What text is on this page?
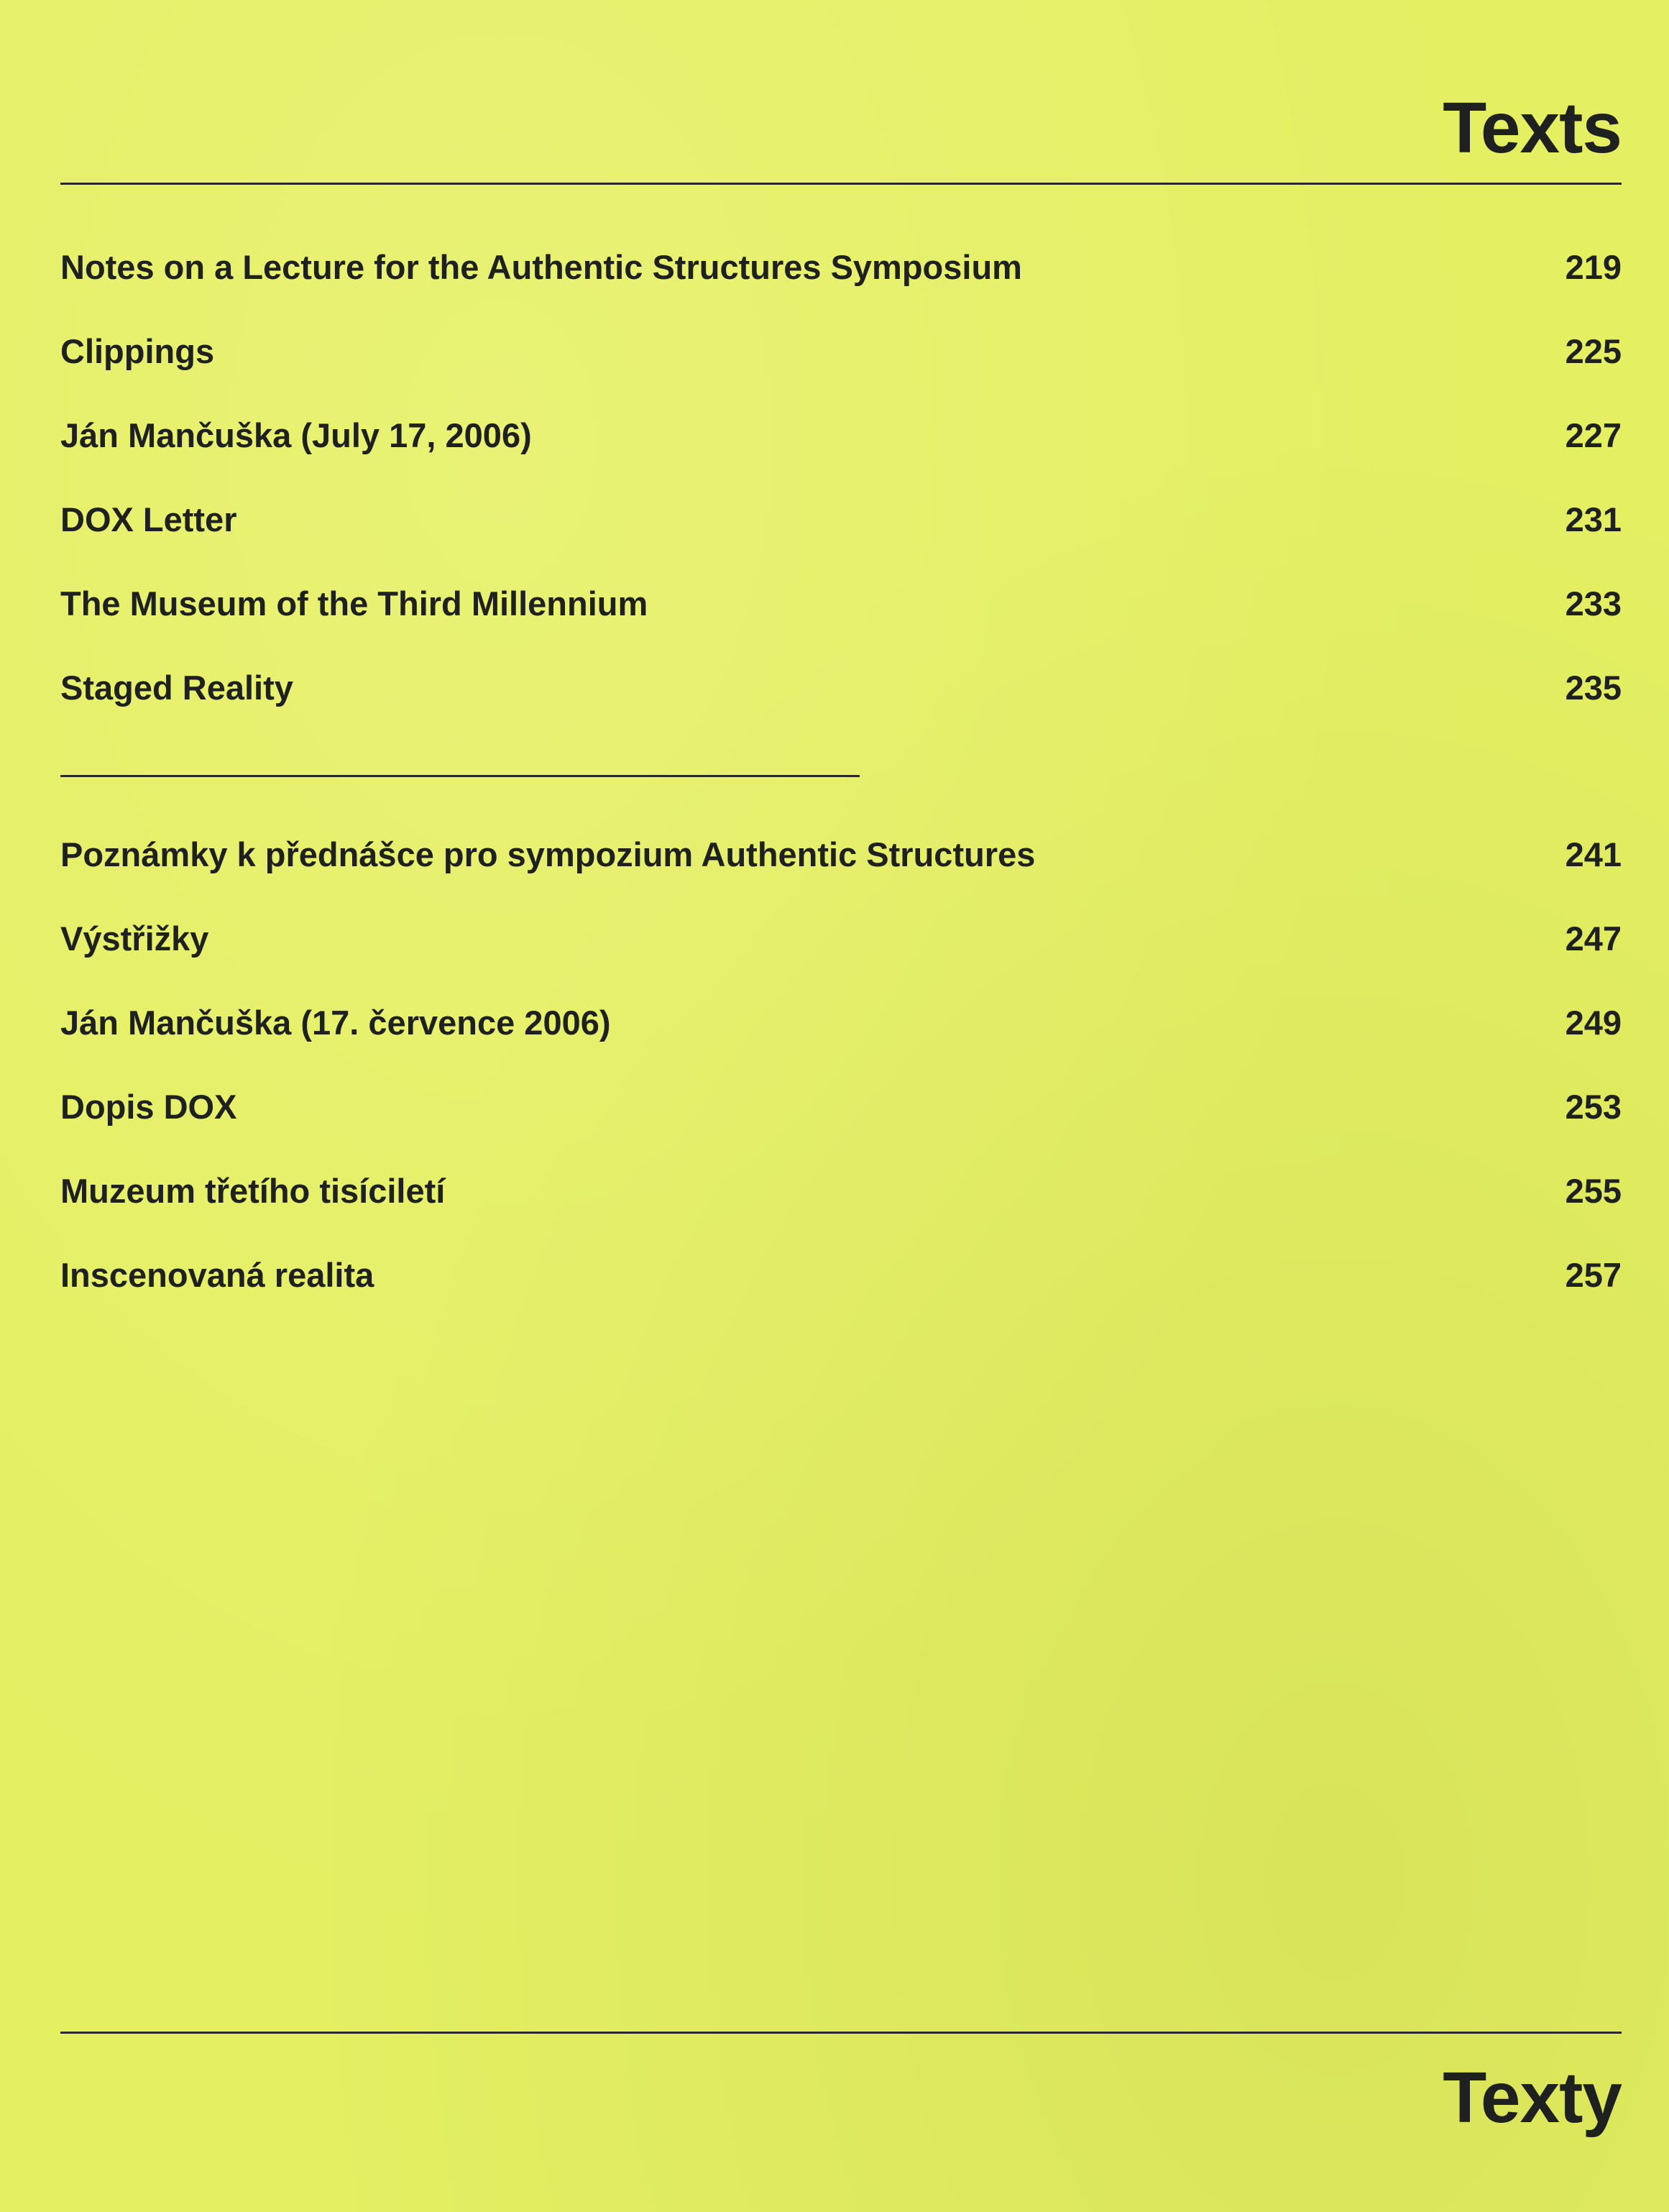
Texts
Notes on a Lecture for the Authentic Structures Symposium	219
Clippings	225
Ján Mančuška (July 17, 2006)	227
DOX Letter	231
The Museum of the Third Millennium	233
Staged Reality	235
Poznámky k přednášce pro sympozium Authentic Structures	241
Výstřižky	247
Ján Mančuška (17. července 2006)	249
Dopis DOX	253
Muzeum třetího tisíciletí	255
Inscenovaná realita	257
Texty
